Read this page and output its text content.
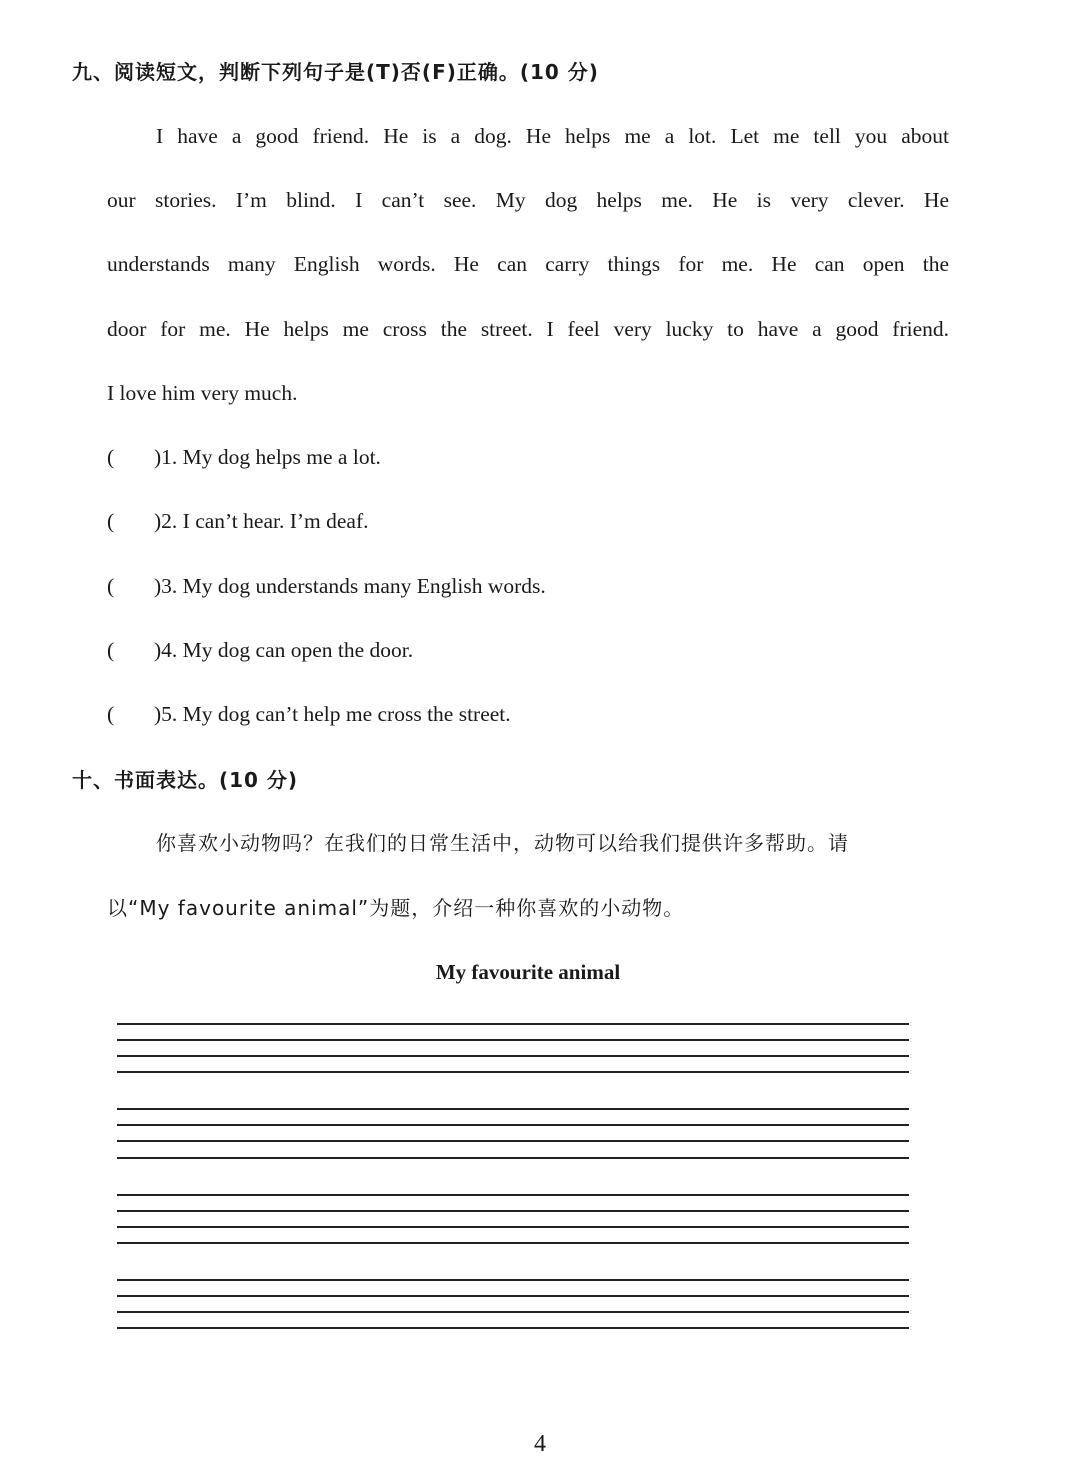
九、阅读短文，判断下列句子是(T)否(F)正确。(10 分)
I have a good friend. He is a dog. He helps me a lot. Let me tell you about
our stories. I’m blind. I can’t see. My dog helps me. He is very clever. He
understands many English words. He can carry things for me. He can open the
door for me. He helps me cross the street. I feel very lucky to have a good friend.
I love him very much.
( )1. My dog helps me a lot.
( )2. I can’t hear. I’m deaf.
( )3. My dog understands many English words.
( )4. My dog can open the door.
( )5. My dog can’t help me cross the street.
十、书面表达。(10 分)
你喜欢小动物吗？在我们的日常生活中，动物可以给我们提供许多帮助。请
以“My favourite animal”为题，介绍一种你喜欢的小动物。
My favourite animal
4
